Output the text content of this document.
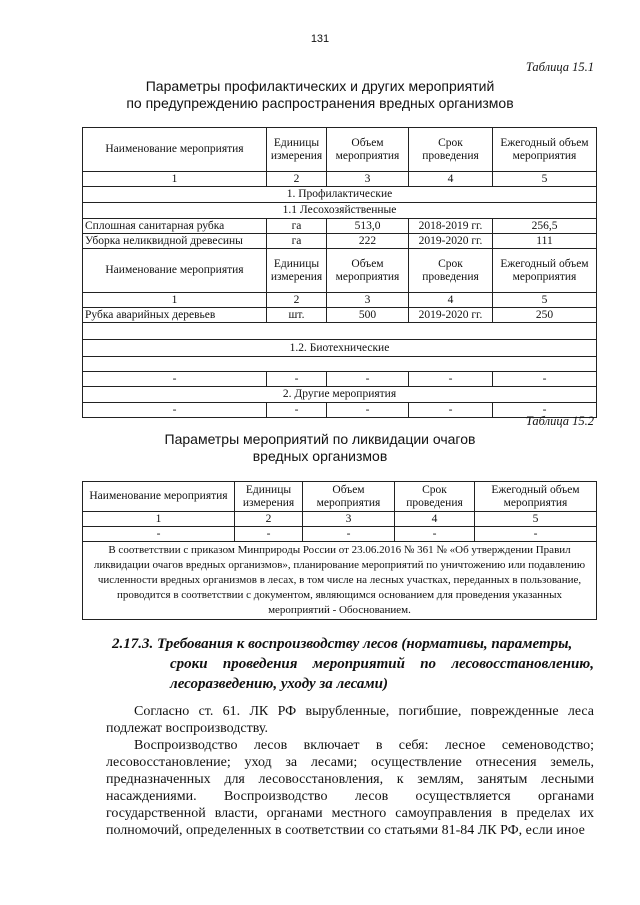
131
Таблица 15.1
Параметры профилактических и других мероприятий
по предупреждению распространения вредных организмов
Наименование мероприятия	Единицы измерения	Объем мероприятия	Срок проведения	Ежегодный объем мероприятия
1	2	3	4	5
1. Профилактические				
1.1 Лесохозяйственные				
Сплошная санитарная рубка	га	513,0	2018-2019 гг.	256,5
Уборка неликвидной древесины	га	222	2019-2020 гг.	111
Наименование мероприятия	Единицы измерения	Объем мероприятия	Срок проведения	Ежегодный объем мероприятия
1	2	3	4	5
Рубка аварийных деревьев	шт.	500	2019-2020 гг.	250

1.2. Биотехнические				

-	-	-	-	-
2. Другие мероприятия				
-	-	-	-	-
Таблица 15.2
Параметры мероприятий по ликвидации очагов
вредных организмов
Наименование мероприятия	Единицы измерения	Объем мероприятия	Срок проведения	Ежегодный объем мероприятия
1	2	3	4	5
-	-	-	-	-
В соответствии с приказом Минприроды России от 23.06.2016 № 361 № «Об утверждении Правил ликвидации очагов вредных организмов», планирование мероприятий по уничтожению или подавлению численности вредных организмов в лесах, в том числе на лесных участках, переданных в пользование, проводится в соответствии с документом, являющимся основанием для проведения указанных мероприятий - Обоснованием.				
2.17.3. Требования к воспроизводству лесов (нормативы, параметры,
сроки проведения мероприятий по лесовосстановлению,
лесоразведению, уходу за лесами)

Согласно ст. 61. ЛК РФ вырубленные, погибшие, поврежденные леса подлежат воспроизводству.

Воспроизводство лесов включает в себя: лесное семеноводство; лесовосстановление; уход за лесами; осуществление отнесения земель, предназначенных для лесовосстановления, к землям, занятым лесными насаждениями. Воспроизводство лесов осуществляется органами государственной власти, органами местного самоуправления в пределах их полномочий, определенных в соответствии со статьями 81-84 ЛК РФ, если иное
